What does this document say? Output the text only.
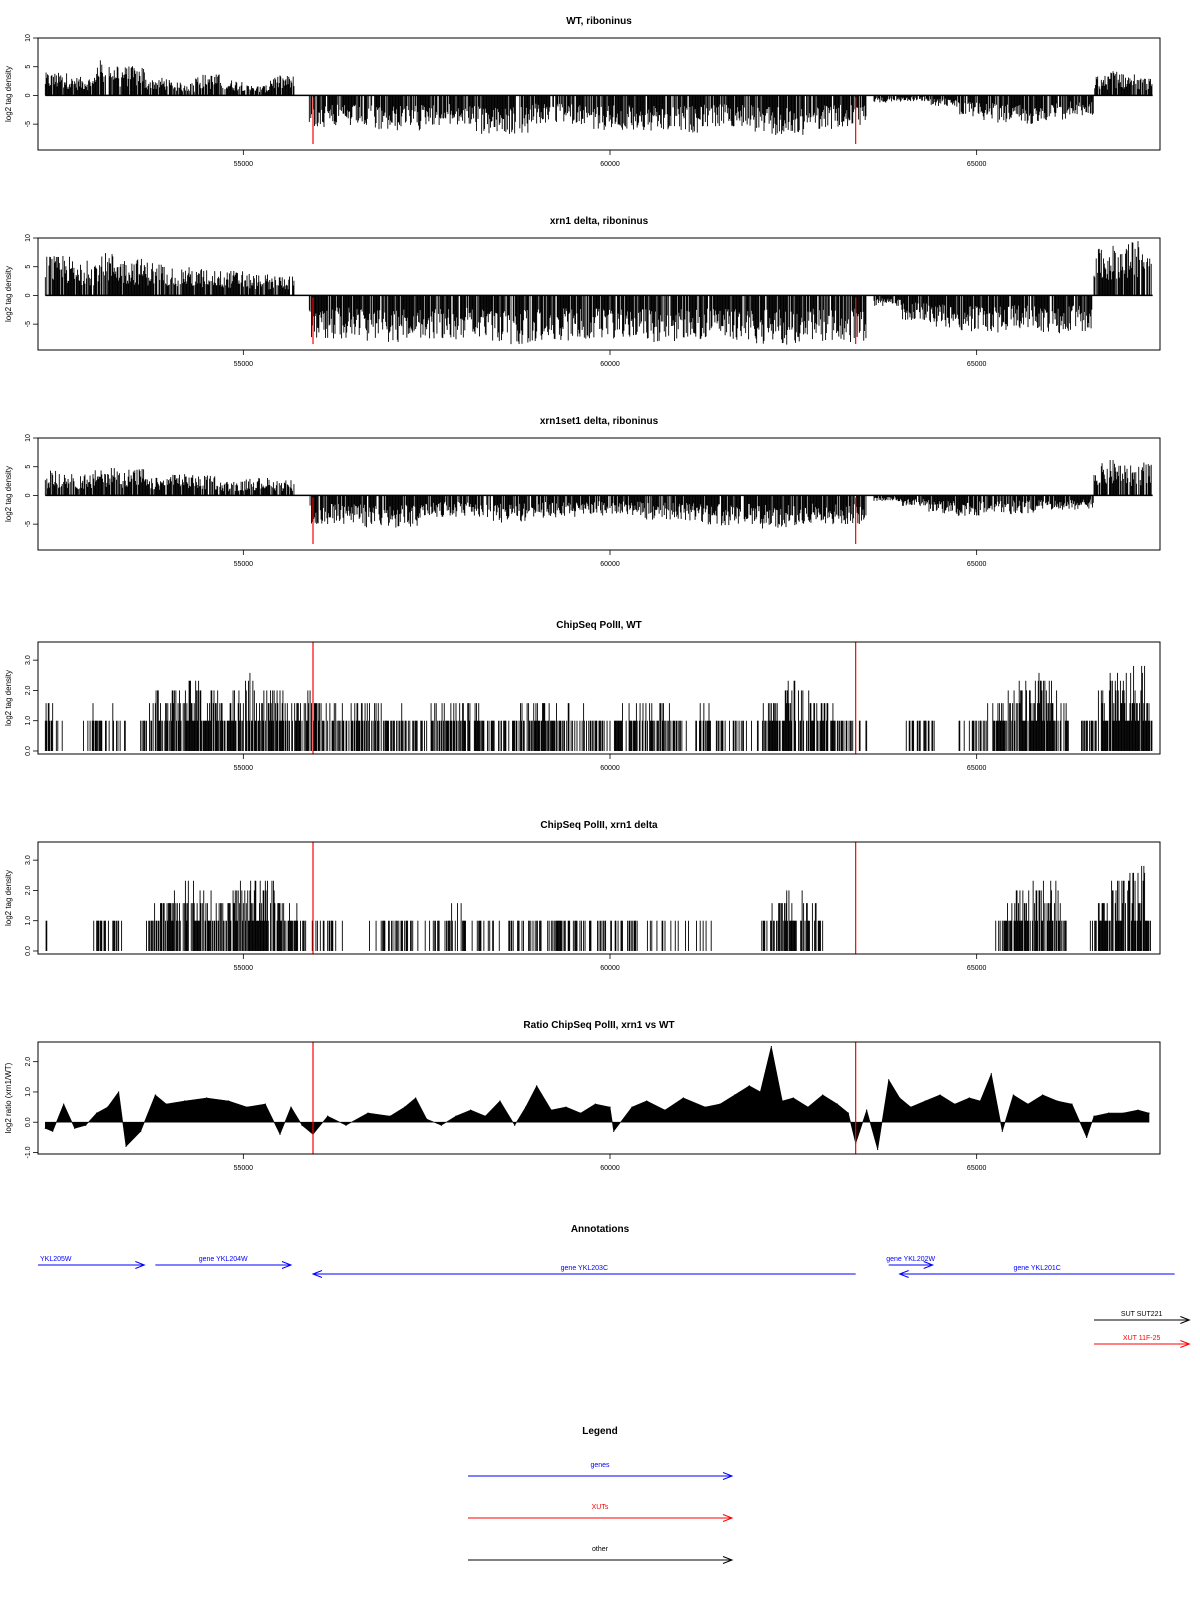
WT, riboninus
log2 tag density
10
5
0
-5
55000	60000	65000
xrn1 delta, riboninus
log2 tag density
10
5
0
-5
55000	60000	65000
xrn1set1 delta, riboninus
log2 tag density
10
5
0
-5
55000	60000	65000
ChipSeq PolII, WT
log2 tag density
0.0
1.0
2.0
3.0
55000	60000	65000
ChipSeq PolII, xrn1 delta
log2 tag density
0.0
1.0
2.0
3.0
55000	60000	65000
Ratio ChipSeq PolII, xrn1 vs WT
log2 ratio (xrn1/WT)
-1.0
0.0
1.0
2.0
55000	60000	65000
Annotations
YKL205W	gene YKL204W
gene YKL203C
gene YKL202W
gene YKL201C
SUT SUT221
XUT 11F-25
Legend
genes
XUTs
other
